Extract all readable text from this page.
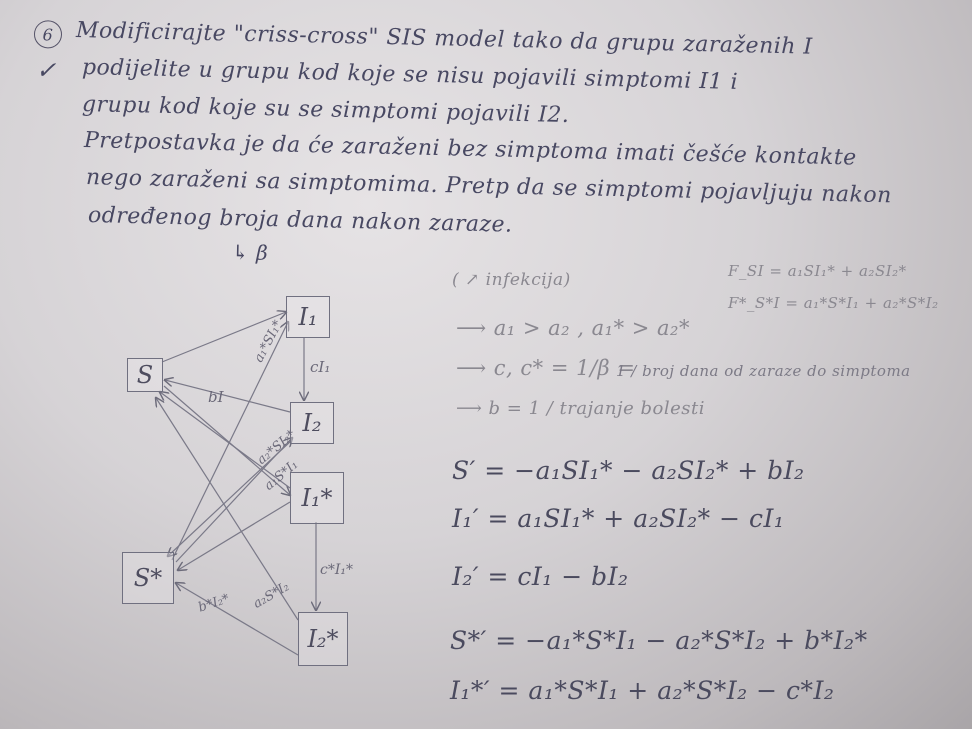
6
✓
Modificirajte "criss-cross" SIS model tako da grupu zaraženih I
podijelite u grupu kod koje se nisu pojavili simptomi I1 i
grupu kod koje su se simptomi pojavili I2.
Pretpostavka je da će zaraženi bez simptoma imati češće kontakte
nego zaraženi sa simptomima. Pretp da se simptomi pojavljuju nakon
određenog broja dana nakon zaraze.
↳ β
S
I₁
I₂
S*
I₁*
I₂*
cI₁
bI
a₁*SI₁*
a₂*SI₂*
a₁S*I₁
c*I₁*
b*I₂* a₂S*I₂
( ↗ infekcija)	F_SI = a₁SI₁* + a₂SI₂*
F*_S*I = a₁*S*I₁ + a₂*S*I₂
⟶ a₁ > a₂ , a₁* > a₂*
⟶ c, c* = 1/β =
1 / broj dana od zaraze do simptoma
⟶ b = 1 / trajanje bolesti
S′ = −a₁SI₁* − a₂SI₂* + bI₂
I₁′ = a₁SI₁* + a₂SI₂* − cI₁
I₂′ = cI₁ − bI₂
S*′ = −a₁*S*I₁ − a₂*S*I₂ + b*I₂*
I₁*′ = a₁*S*I₁ + a₂*S*I₂ − c*I₂
